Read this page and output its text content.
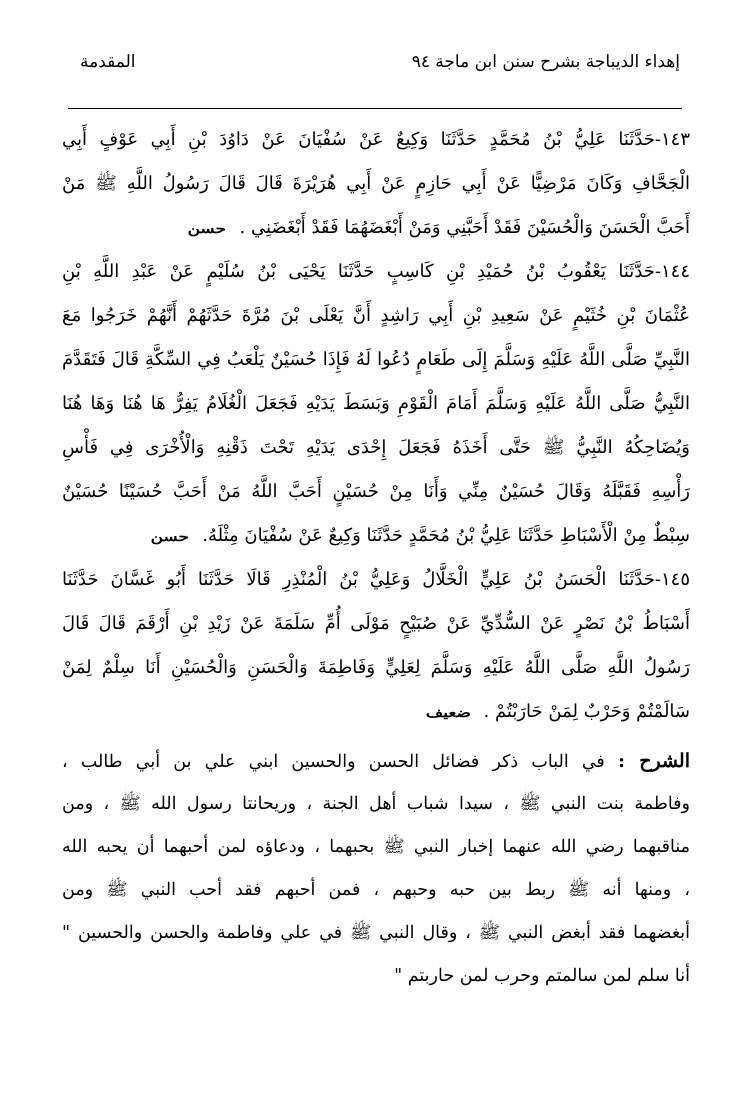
إهداء الديباجة بشرح سنن ابن ماجة
٩٤
المقدمة
١٤٣-حَدَّثَنَا عَلِيُّ بْنُ مُحَمَّدٍ حَدَّثَنَا وَكِيعٌ عَنْ سُفْيَانَ عَنْ دَاوُدَ بْنِ أَبِي عَوْفٍ أَبِي
الْجَحَّافِ وَكَانَ مَرْضِيًّا عَنْ أَبِي حَازِمٍ عَنْ أَبِي هُرَيْرَةَ قَالَ قَالَ رَسُولُ اللَّهِ ﷺ مَنْ
أَحَبَّ الْحَسَنَ وَالْحُسَيْنَ فَقَدْ أَحَبَّنِي وَمَنْ أَبْغَضَهُمَا فَقَدْ أَبْغَضَنِي .حسن
١٤٤-حَدَّثَنَا يَعْقُوبُ بْنُ حُمَيْدِ بْنِ كَاسِبٍ حَدَّثَنَا يَحْيَى بْنُ سُلَيْمٍ عَنْ عَبْدِ اللَّهِ بْنِ
عُثْمَانَ بْنِ خُثَيْمٍ عَنْ سَعِيدِ بْنِ أَبِي رَاشِدٍ أَنَّ يَعْلَى بْنَ مُرَّةَ حَدَّثَهُمْ أَنَّهُمْ خَرَجُوا مَعَ
النَّبِيِّ صَلَّى اللَّهُ عَلَيْهِ وَسَلَّمَ إِلَى طَعَامٍ دُعُوا لَهُ فَإِذَا حُسَيْنٌ يَلْعَبُ فِي السِّكَّةِ قَالَ فَتَقَدَّمَ
النَّبِيُّ صَلَّى اللَّهُ عَلَيْهِ وَسَلَّمَ أَمَامَ الْقَوْمِ وَبَسَطَ يَدَيْهِ فَجَعَلَ الْغُلَامُ يَفِرُّ هَا هُنَا وَهَا هُنَا
وَيُضَاحِكُهُ النَّبِيُّ ﷺ حَتَّى أَخَذَهُ فَجَعَلَ إِحْدَى يَدَيْهِ تَحْتَ ذَقْنِهِ وَالْأُخْرَى فِي فَأْسِ
رَأْسِهِ فَقَبَّلَهُ وَقَالَ حُسَيْنٌ مِنِّي وَأَنَا مِنْ حُسَيْنٍ أَحَبَّ اللَّهُ مَنْ أَحَبَّ حُسَيْنًا حُسَيْنٌ
سِبْطٌ مِنْ الْأَسْبَاطِ حَدَّثَنَا عَلِيُّ بْنُ مُحَمَّدٍ حَدَّثَنَا وَكِيعٌ عَنْ سُفْيَانَ مِثْلَهُ.حسن
١٤٥-حَدَّثَنَا الْحَسَنُ بْنُ عَلِيٍّ الْخَلَّالُ وَعَلِيُّ بْنُ الْمُنْذِرِ قَالَا حَدَّثَنَا أَبُو غَسَّانَ حَدَّثَنَا
أَسْبَاطُ بْنُ نَصْرٍ عَنْ السُّدِّيِّ عَنْ صُبَيْحٍ مَوْلَى أُمِّ سَلَمَةَ عَنْ زَيْدِ بْنِ أَرْقَمَ قَالَ قَالَ
رَسُولُ اللَّهِ صَلَّى اللَّهُ عَلَيْهِ وَسَلَّمَ لِعَلِيٍّ وَفَاطِمَةَ وَالْحَسَنِ وَالْحُسَيْنِ أَنَا سِلْمٌ لِمَنْ
سَالَمْتُمْ وَحَرْبٌ لِمَنْ حَارَبْتُمْ .ضعيف
الشرح : في الباب ذكر فضائل الحسن والحسين ابني علي بن أبي طالب ،
وفاطمة بنت النبي ﷺ ، سيدا شباب أهل الجنة ، وريحانتا رسول الله ﷺ ، ومن
مناقبهما رضي الله عنهما إخبار النبي ﷺ بحبهما ، ودعاؤه لمن أحبهما أن يحبه الله
، ومنها أنه ﷺ ربط بين حبه وحبهم ، فمن أحبهم فقد أحب النبي ﷺ ومن
أبغضهما فقد أبغض النبي ﷺ ، وقال النبي ﷺ في علي وفاطمة والحسن والحسين "
أنا سلم لمن سالمتم وحرب لمن حاربتم "
